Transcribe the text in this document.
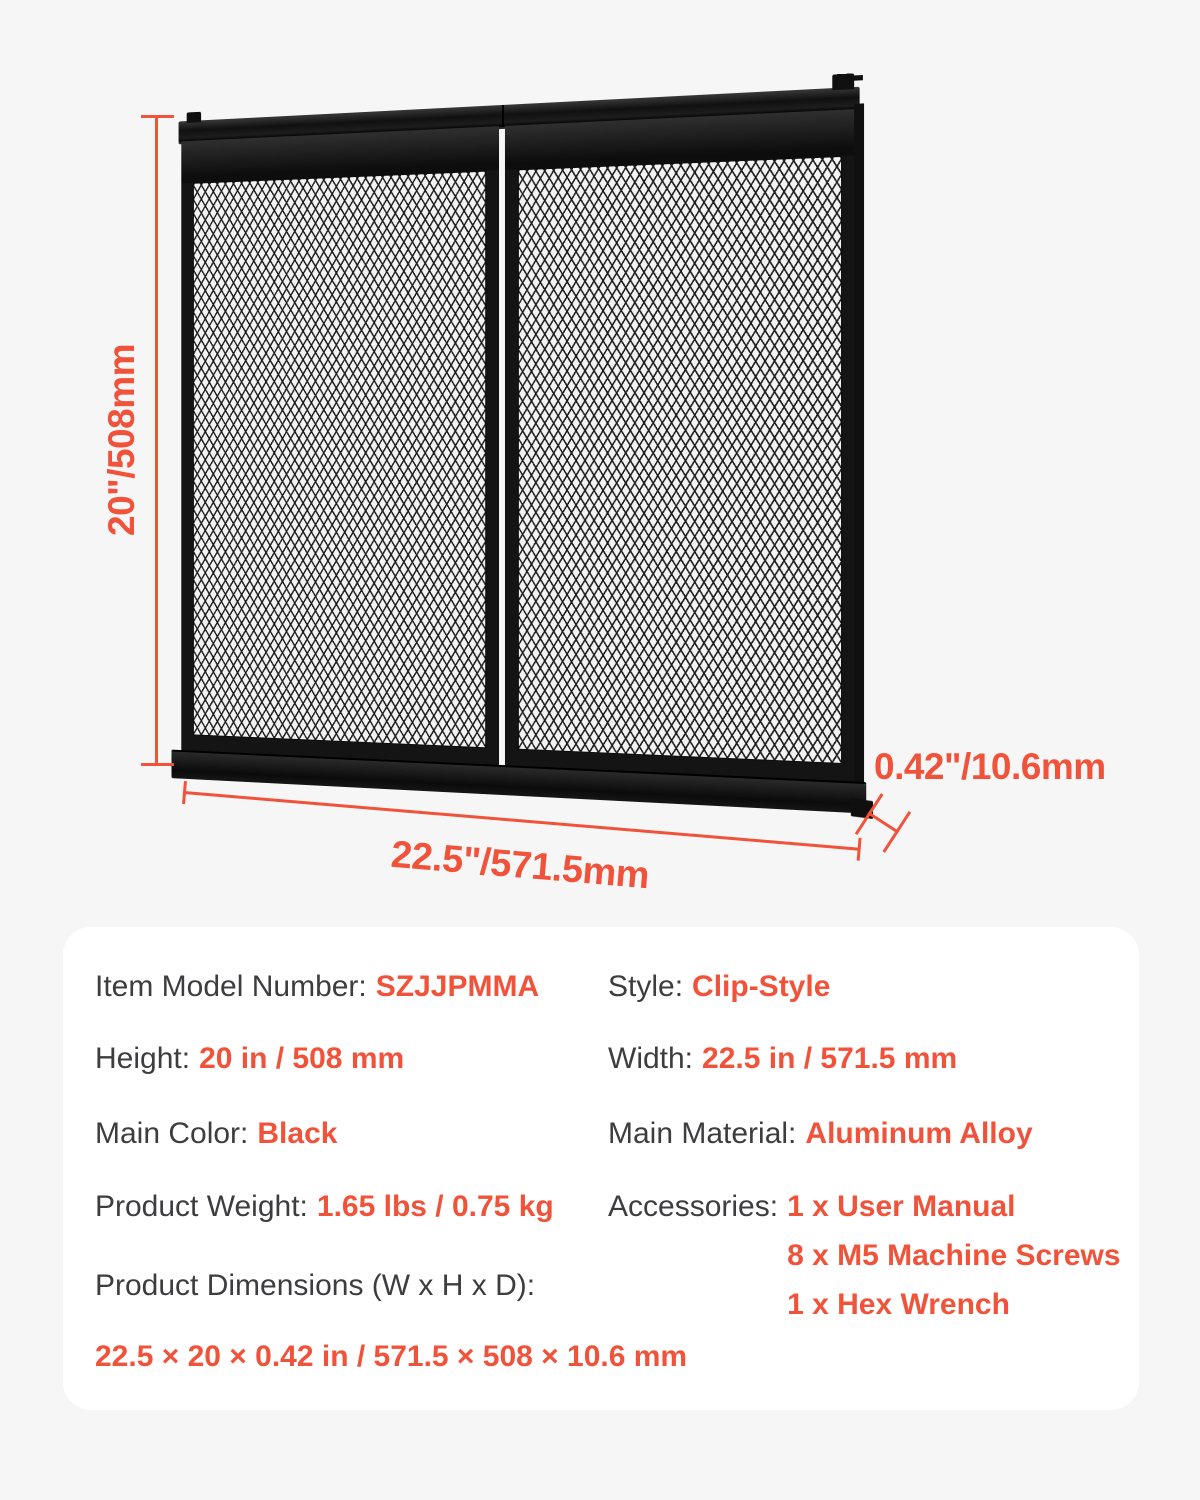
20"/508mm
22.5"/571.5mm
0.42"/10.6mm
Item Model Number: SZJJPMMA Style: Clip-Style
Height: 20 in / 508 mm	Width: 22.5 in / 571.5 mm
Main Color: Black	Main Material: Aluminum Alloy
Product Weight: 1.65 lbs / 0.75 kg Accessories: 1 x User Manual
8 x M5 Machine Screws
1 x Hex Wrench
Product Dimensions (W x H x D):
22.5 × 20 × 0.42 in / 571.5 × 508 × 10.6 mm
